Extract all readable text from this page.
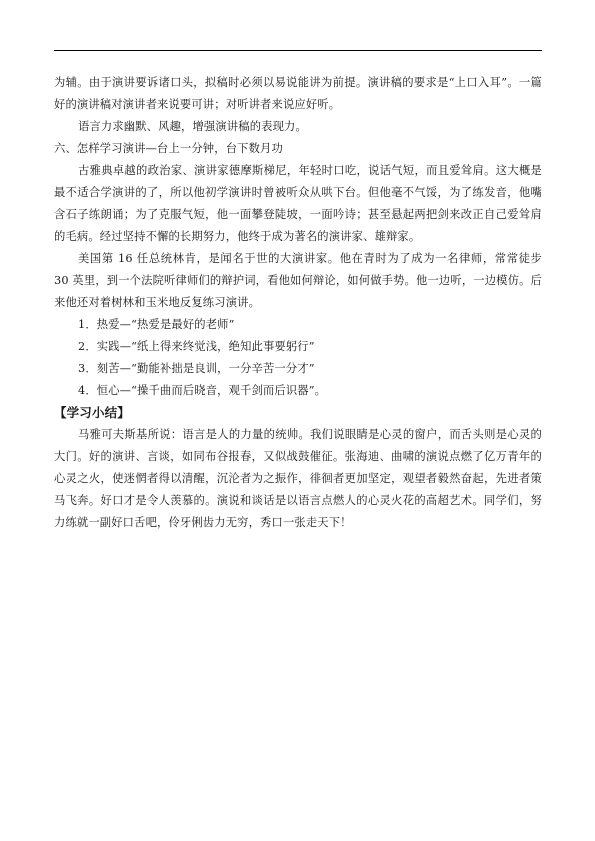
为辅。由于演讲要诉诸口头，拟稿时必须以易说能讲为前提。演讲稿的要求是“上口入耳”。一篇好的演讲稿对演讲者来说要可讲；对听讲者来说应好听。

语言力求幽默、风趣，增强演讲稿的表现力。

六、怎样学习演讲—台上一分钟，台下数月功

古雅典卓越的政治家、演讲家德摩斯梯尼，年轻时口吃，说话气短，而且爱耸肩。这大概是最不适合学演讲的了，所以他初学演讲时曾被听众从哄下台。但他毫不气馁，为了练发音，他嘴含石子练朗诵；为了克服气短，他一面攀登陡坡，一面吟诗；甚至悬起两把剑来改正自己爱耸肩的毛病。经过坚持不懈的长期努力，他终于成为著名的演讲家、雄辩家。

美国第 16 任总统林肯，是闻名于世的大演讲家。他在青时为了成为一名律师，常常徒步 30 英里，到一个法院听律师们的辩护词，看他如何辩论，如何做手势。他一边听，一边模仿。后来他还对着树林和玉米地反复练习演讲。

1．热爱—“热爱是最好的老师”

2．实践—“纸上得来终觉浅，绝知此事要躬行”

3．刻苦—“勤能补拙是良训，一分辛苦一分才”

4．恒心—“操千曲而后晓音，观千剑而后识器”。

【学习小结】

马雅可夫斯基所说：语言是人的力量的统帅。我们说眼睛是心灵的窗户，而舌头则是心灵的大门。好的演讲、言谈，如同布谷报春，又似战鼓催征。张海迪、曲啸的演说点燃了亿万青年的心灵之火，使迷惘者得以清醒，沉沦者为之振作，徘徊者更加坚定，观望者毅然奋起，先进者策马飞奔。好口才是令人羡慕的。演说和谈话是以语言点燃人的心灵火花的高超艺术。同学们，努力练就一副好口舌吧，伶牙俐齿力无穷，秀口一张走天下！
